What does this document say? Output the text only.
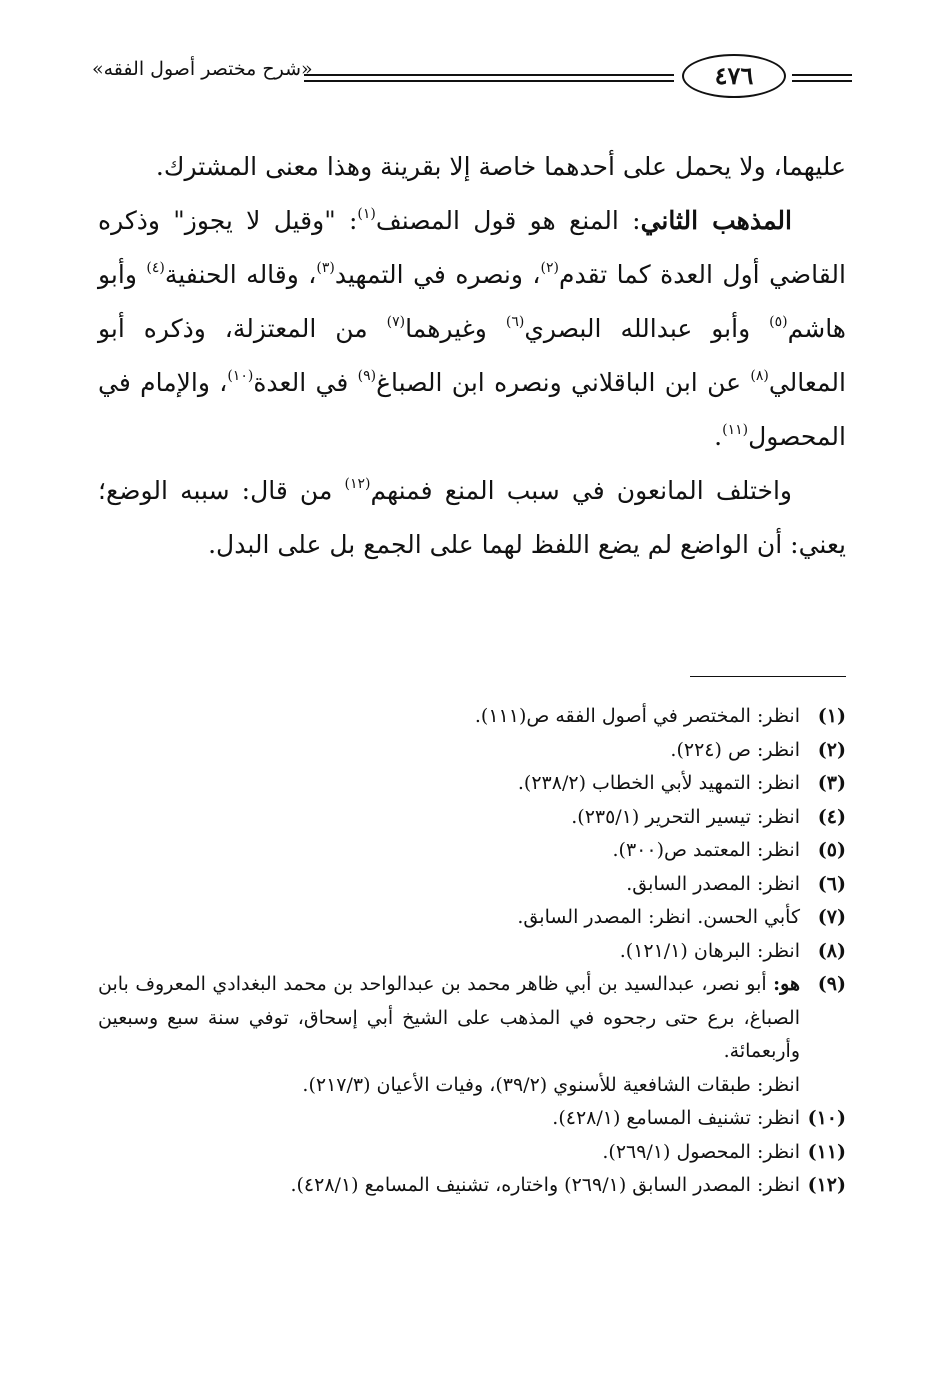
٤٧٦
«شرح مختصر أصول الفقه»

عليهما، ولا يحمل على أحدهما خاصة إلا بقرينة وهذا معنى المشترك.

المذهب الثاني: المنع هو قول المصنف$^{(١)}$: "وقيل لا يجوز" وذكره القاضي أول العدة كما تقدم$^{(٢)}$، ونصره في التمهيد$^{(٣)}$، وقاله الحنفية$^{(٤)}$ وأبو هاشم$^{(٥)}$ وأبو عبدالله البصري$^{(٦)}$ وغيرهما$^{(٧)}$ من المعتزلة، وذكره أبو المعالي$^{(٨)}$ عن ابن الباقلاني ونصره ابن الصباغ$^{(٩)}$ في العدة$^{(١٠)}$، والإمام في المحصول$^{(١١)}$.

واختلف المانعون في سبب المنع فمنهم$^{(١٢)}$ من قال: سببه الوضع؛ يعني: أن الواضع لم يضع اللفظ لهما على الجمع بل على البدل.

(١)
انظر: المختصر في أصول الفقه ص(١١١).
(٢)
انظر: ص (٢٢٤).
(٣)
انظر: التمهيد لأبي الخطاب (٢٣٨/٢).
(٤)
انظر: تيسير التحرير (٢٣٥/١).
(٥)
انظر: المعتمد ص(٣٠٠).
(٦)
انظر: المصدر السابق.
(٧)
كأبي الحسن. انظر: المصدر السابق.
(٨)
انظر: البرهان (١٢١/١).
(٩)
هو: أبو نصر، عبدالسيد بن أبي ظاهر محمد بن عبدالواحد بن محمد البغدادي المعروف بابن الصباغ، برع حتى رجحوه في المذهب على الشيخ أبي إسحاق، توفي سنة سبع وسبعين وأربعمائة.
انظر: طبقات الشافعية للأسنوي (٣٩/٢)، وفيات الأعيان (٢١٧/٣).
(١٠)
انظر: تشنيف المسامع (٤٢٨/١).
(١١)
انظر: المحصول (٢٦٩/١).
(١٢)
انظر: المصدر السابق (٢٦٩/١) واختاره، تشنيف المسامع (٤٢٨/١).
